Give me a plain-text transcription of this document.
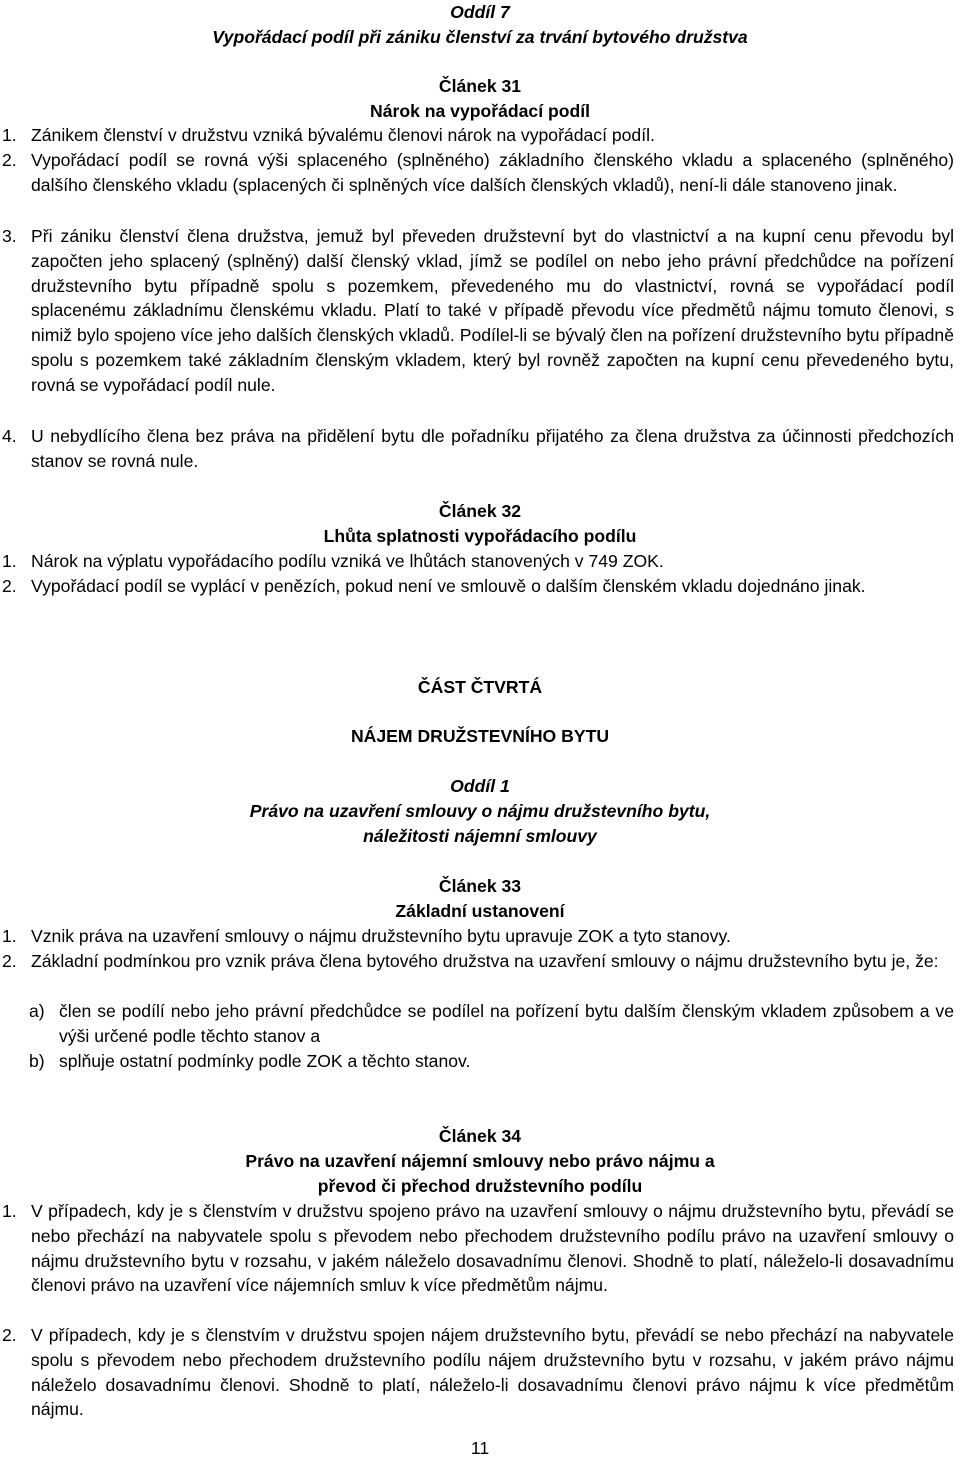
Oddíl 7
Vypořádací podíl při zániku členství za trvání bytového družstva
Článek 31
Nárok na vypořádací podíl
1. Zánikem členství v družstvu vzniká bývalému členovi nárok na vypořádací podíl.
2. Vypořádací podíl se rovná výši splaceného (splněného) základního členského vkladu a splaceného (splněného) dalšího členského vkladu (splacených či splněných více dalších členských vkladů), není-li dále stanoveno jinak.
3. Při zániku členství člena družstva, jemuž byl převeden družstevní byt do vlastnictví a na kupní cenu převodu byl započten jeho splacený (splněný) další členský vklad, jímž se podílel on nebo jeho právní předchůdce na pořízení družstevního bytu případně spolu s pozemkem, převedeného mu do vlastnictví, rovná se vypořádací podíl splacenému základnímu členskému vkladu. Platí to také v případě převodu více předmětů nájmu tomuto členovi, s nimiž bylo spojeno více jeho dalších členských vkladů. Podílel-li se bývalý člen na pořízení družstevního bytu případně spolu s pozemkem také základním členským vkladem, který byl rovněž započten na kupní cenu převedeného bytu, rovná se vypořádací podíl nule.
4. U nebydlícího člena bez práva na přidělení bytu dle pořadníku přijatého za člena družstva za účinnosti předchozích stanov se rovná nule.
Článek 32
Lhůta splatnosti vypořádacího podílu
1. Nárok na výplatu vypořádacího podílu vzniká ve lhůtách stanovených v 749 ZOK.
2. Vypořádací podíl se vyplácí v penězích, pokud není ve smlouvě o dalším členském vkladu dojednáno jinak.
ČÁST ČTVRTÁ
NÁJEM DRUŽSTEVNÍHO BYTU
Oddíl 1
Právo na uzavření smlouvy o nájmu družstevního bytu,
náležitosti nájemní smlouvy
Článek 33
Základní ustanovení
1. Vznik práva na uzavření smlouvy o nájmu družstevního bytu upravuje ZOK a tyto stanovy.
2. Základní podmínkou pro vznik práva člena bytového družstva na uzavření smlouvy o nájmu družstevního bytu je, že:
a) člen se podílí nebo jeho právní předchůdce se podílel na pořízení bytu dalším členským vkladem způsobem a ve výši určené podle těchto stanov a
b) splňuje ostatní podmínky podle ZOK a těchto stanov.
Článek 34
Právo na uzavření nájemní smlouvy nebo právo nájmu a
převod či přechod družstevního podílu
1. V případech, kdy je s členstvím v družstvu spojeno právo na uzavření smlouvy o nájmu družstevního bytu, převádí se nebo přechází na nabyvatele spolu s převodem nebo přechodem družstevního podílu právo na uzavření smlouvy o nájmu družstevního bytu v rozsahu, v jakém náleželo dosavadnímu členovi. Shodně to platí, náleželo-li dosavadnímu členovi právo na uzavření více nájemních smluv k více předmětům nájmu.
2. V případech, kdy je s členstvím v družstvu spojen nájem družstevního bytu, převádí se nebo přechází na nabyvatele spolu s převodem nebo přechodem družstevního podílu nájem družstevního bytu v rozsahu, v jakém právo nájmu náleželo dosavadnímu členovi. Shodně to platí, náleželo-li dosavadnímu členovi právo nájmu k více předmětům nájmu.
11
